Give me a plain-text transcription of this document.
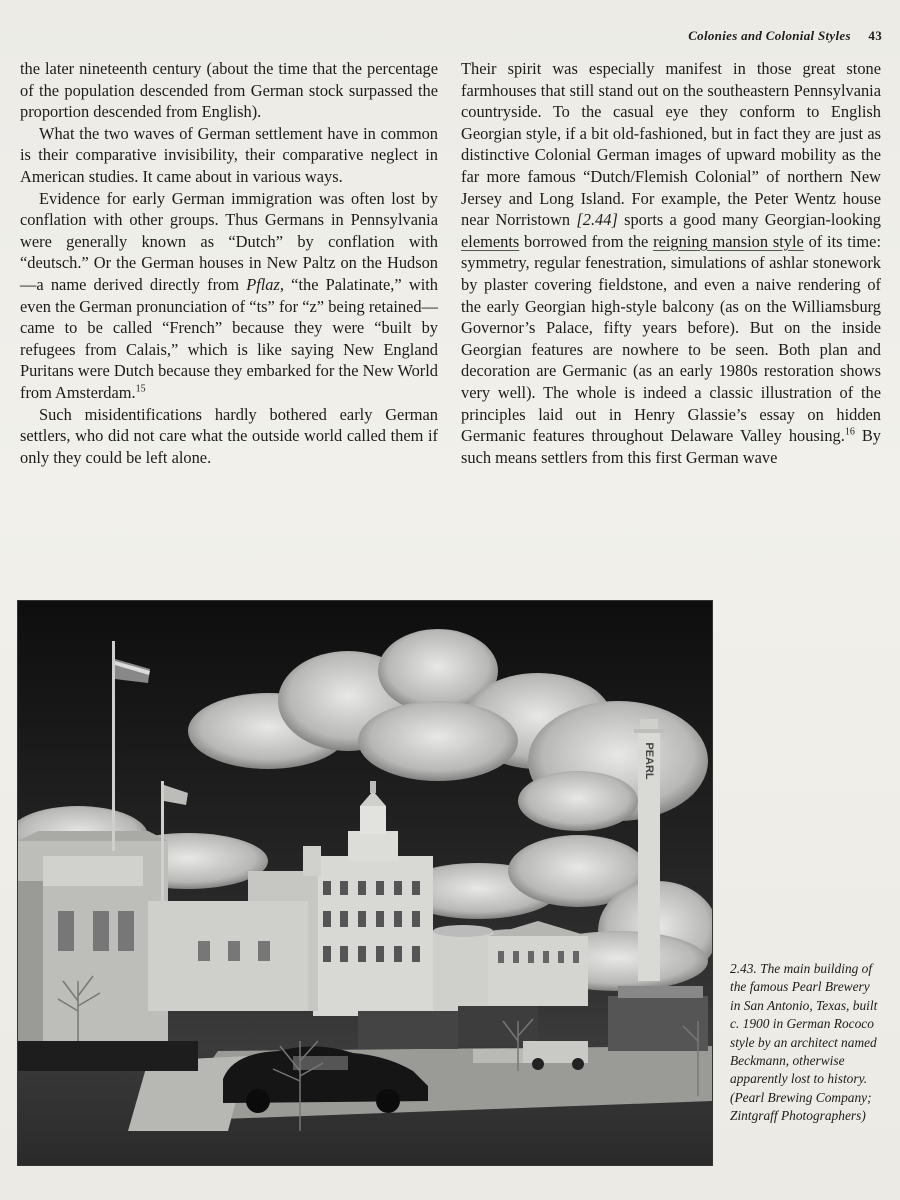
Colonies and Colonial Styles 43

the later nineteenth century (about the time that the percentage of the population descended from German stock surpassed the proportion descended from English).

What the two waves of German settlement have in common is their comparative invisibility, their comparative neglect in American studies. It came about in various ways.

Evidence for early German immigration was often lost by conflation with other groups. Thus Germans in Pennsylvania were generally known as “Dutch” by conflation with “deutsch.” Or the German houses in New Paltz on the Hudson—a name derived directly from Pflaz, “the Palatinate,” with even the German pronunciation of “ts” for “z” being retained—came to be called “French” because they were “built by refugees from Calais,” which is like saying New England Puritans were Dutch because they embarked for the New World from Amsterdam.$^{15}$

Such misidentifications hardly bothered early German settlers, who did not care what the outside world called them if only they could be left alone.

Their spirit was especially manifest in those great stone farmhouses that still stand out on the southeastern Pennsylvania countryside. To the casual eye they conform to English Georgian style, if a bit old-fashioned, but in fact they are just as distinctive Colonial German images of upward mobility as the far more famous “Dutch/Flemish Colonial” of northern New Jersey and Long Island. For example, the Peter Wentz house near Norristown [2.44] sports a good many Georgian-looking elements borrowed from the reigning mansion style of its time: symmetry, regular fenestration, simulations of ashlar stonework by plaster covering fieldstone, and even a naive rendering of the early Georgian high-style balcony (as on the Williamsburg Governor’s Palace, fifty years before). But on the inside Georgian features are nowhere to be seen. Both plan and decoration are Germanic (as an early 1980s restoration shows very well). The whole is indeed a classic illustration of the principles laid out in Henry Glassie’s essay on hidden Germanic features throughout Delaware Valley housing.$^{16}$ By such means settlers from this first German wave

PEARL
2.43. The main building of the famous Pearl Brewery in San Antonio, Texas, built c. 1900 in German Rococo style by an architect named Beckmann, otherwise apparently lost to history. (Pearl Brewing Company; Zintgraff Photographers)
